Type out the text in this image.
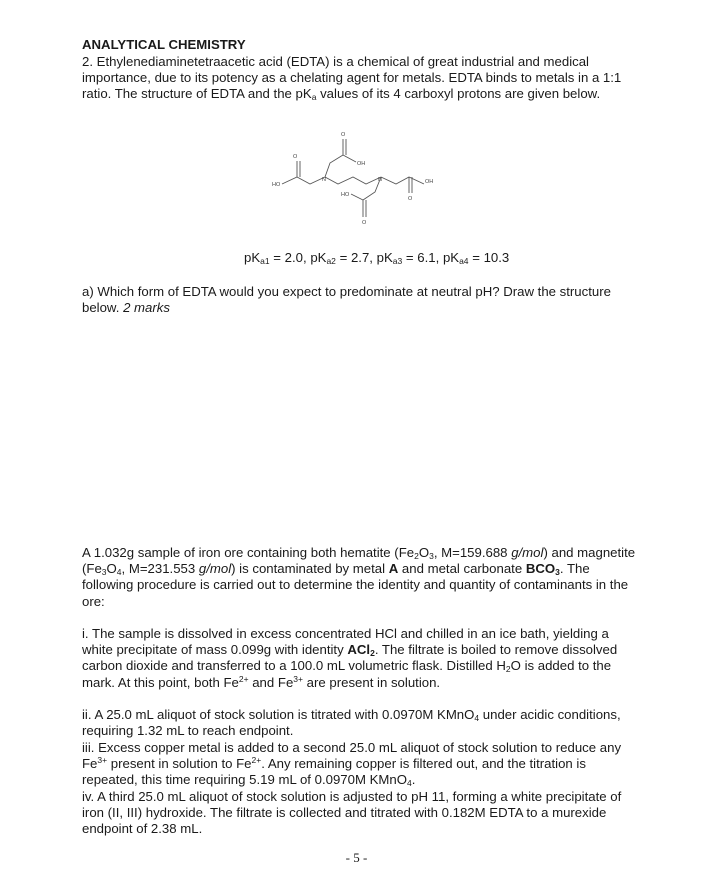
ANALYTICAL CHEMISTRY

2. Ethylenediaminetetraacetic acid (EDTA) is a chemical of great industrial and medical importance, due to its potency as a chelating agent for metals. EDTA binds to metals in a 1:1 ratio. The structure of EDTA and the $pK_a$ values of its 4 carboxyl protons are given below.

HO
O
O
OH
N	N	OH
O
HO
O

$pK_{a1} = 2.0$, $pK_{a2} = 2.7$, $pK_{a3} = 6.1$, $pK_{a4} = 10.3$

a) Which form of EDTA would you expect to predominate at neutral pH? Draw the structure below. 2 marks

A 1.032g sample of iron ore containing both hematite ($Fe_2O_3$, M=159.688 g/mol) and magnetite ($Fe_3O_4$, M=231.553 g/mol) is contaminated by metal A and metal carbonate $BCO_3$. The following procedure is carried out to determine the identity and quantity of contaminants in the ore:

i. The sample is dissolved in excess concentrated HCl and chilled in an ice bath, yielding a white precipitate of mass 0.099g with identity ACl$_2$. The filtrate is boiled to remove dissolved carbon dioxide and transferred to a 100.0 mL volumetric flask. Distilled $H_2O$ is added to the mark. At this point, both $Fe^{2+}$ and $Fe^{3+}$ are present in solution.

ii. A 25.0 mL aliquot of stock solution is titrated with 0.0970M KMnO$_4$ under acidic conditions, requiring 1.32 mL to reach endpoint.

iii. Excess copper metal is added to a second 25.0 mL aliquot of stock solution to reduce any $Fe^{3+}$ present in solution to $Fe^{2+}$. Any remaining copper is filtered out, and the titration is repeated, this time requiring 5.19 mL of 0.0970M KMnO$_4$.

iv. A third 25.0 mL aliquot of stock solution is adjusted to pH 11, forming a white precipitate of iron (II, III) hydroxide. The filtrate is collected and titrated with 0.182M EDTA to a murexide endpoint of 2.38 mL.

- 5 -
